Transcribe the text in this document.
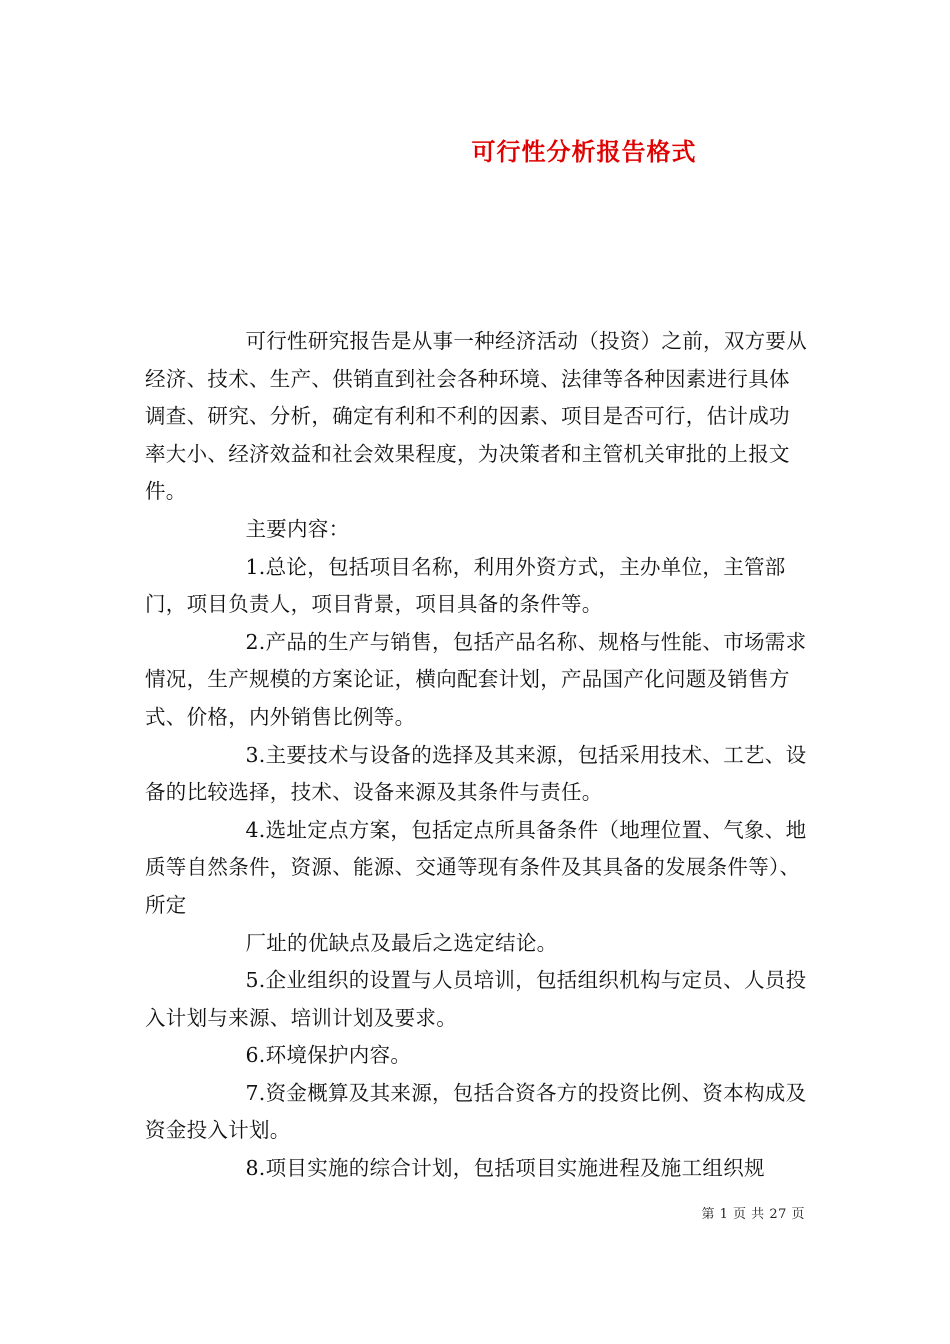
可行性分析报告格式

可行性研究报告是从事一种经济活动（投资）之前，双方要从经济、技术、生产、供销直到社会各种环境、法律等各种因素进行具体调查、研究、分析，确定有利和不利的因素、项目是否可行，估计成功率大小、经济效益和社会效果程度，为决策者和主管机关审批的上报文件。

主要内容：

1.总论，包括项目名称，利用外资方式，主办单位，主管部门，项目负责人，项目背景，项目具备的条件等。

2.产品的生产与销售，包括产品名称、规格与性能、市场需求情况，生产规模的方案论证，横向配套计划，产品国产化问题及销售方式、价格，内外销售比例等。

3.主要技术与设备的选择及其来源，包括采用技术、工艺、设备的比较选择，技术、设备来源及其条件与责任。

4.选址定点方案，包括定点所具备条件（地理位置、气象、地质等自然条件，资源、能源、交通等现有条件及其具备的发展条件等）、所定

厂址的优缺点及最后之选定结论。

5.企业组织的设置与人员培训，包括组织机构与定员、人员投入计划与来源、培训计划及要求。

6.环境保护内容。

7.资金概算及其来源，包括合资各方的投资比例、资本构成及资金投入计划。

8.项目实施的综合计划，包括项目实施进程及施工组织规

第 1 页 共 27 页
